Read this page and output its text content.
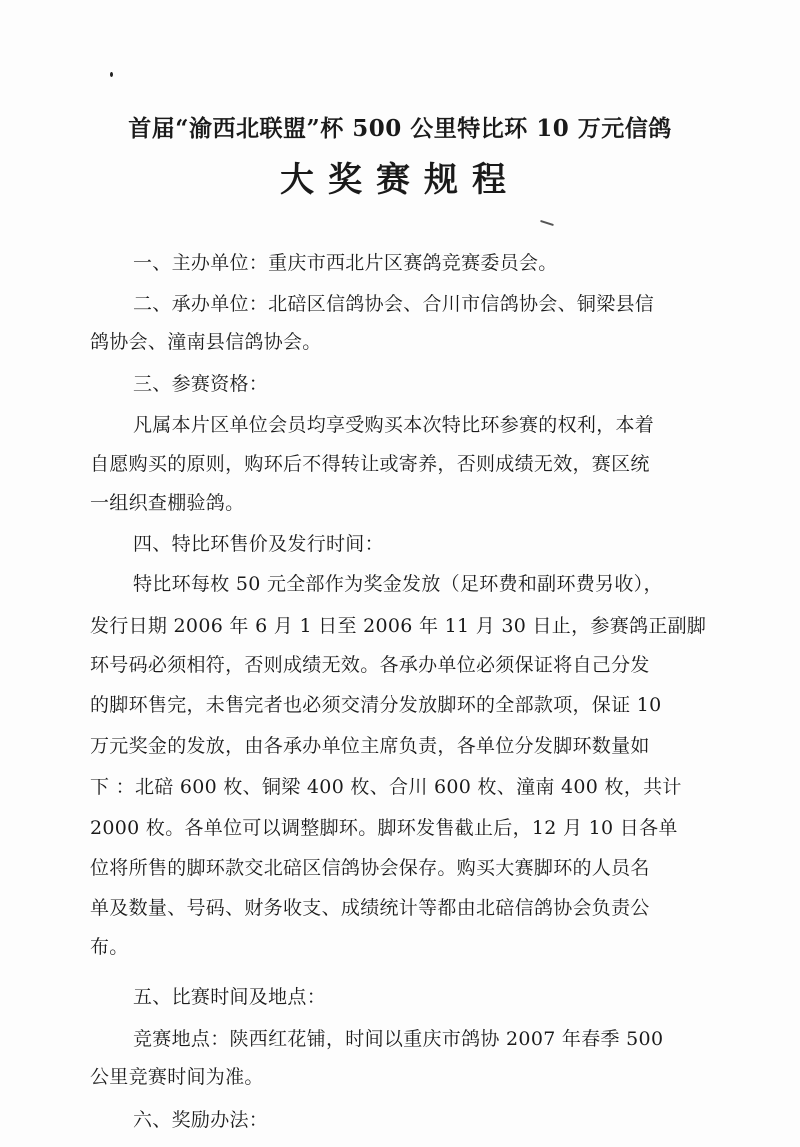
首届“渝西北联盟”杯 500 公里特比环 10 万元信鸽
大奖赛规程
一、主办单位：重庆市西北片区赛鸽竞赛委员会。
二、承办单位：北碚区信鸽协会、合川市信鸽协会、铜梁县信
鸽协会、潼南县信鸽协会。
三、参赛资格：
凡属本片区单位会员均享受购买本次特比环参赛的权利，本着
自愿购买的原则，购环后不得转让或寄养，否则成绩无效，赛区统
一组织查棚验鸽。
四、特比环售价及发行时间：
特比环每枚 50 元全部作为奖金发放（足环费和副环费另收），
发行日期 2006 年 6 月 1 日至 2006 年 11 月 30 日止，参赛鸽正副脚
环号码必须相符，否则成绩无效。各承办单位必须保证将自己分发
的脚环售完，未售完者也必须交清分发放脚环的全部款项，保证 10
万元奖金的发放，由各承办单位主席负责，各单位分发脚环数量如
下 ：北碚 600 枚、铜梁 400 枚、合川 600 枚、潼南 400 枚，共计
2000 枚。各单位可以调整脚环。脚环发售截止后，12 月 10 日各单
位将所售的脚环款交北碚区信鸽协会保存。购买大赛脚环的人员名
单及数量、号码、财务收支、成绩统计等都由北碚信鸽协会负责公
布。
五、比赛时间及地点：
竞赛地点：陕西红花铺，时间以重庆市鸽协 2007 年春季 500
公里竞赛时间为准。
六、奖励办法：
